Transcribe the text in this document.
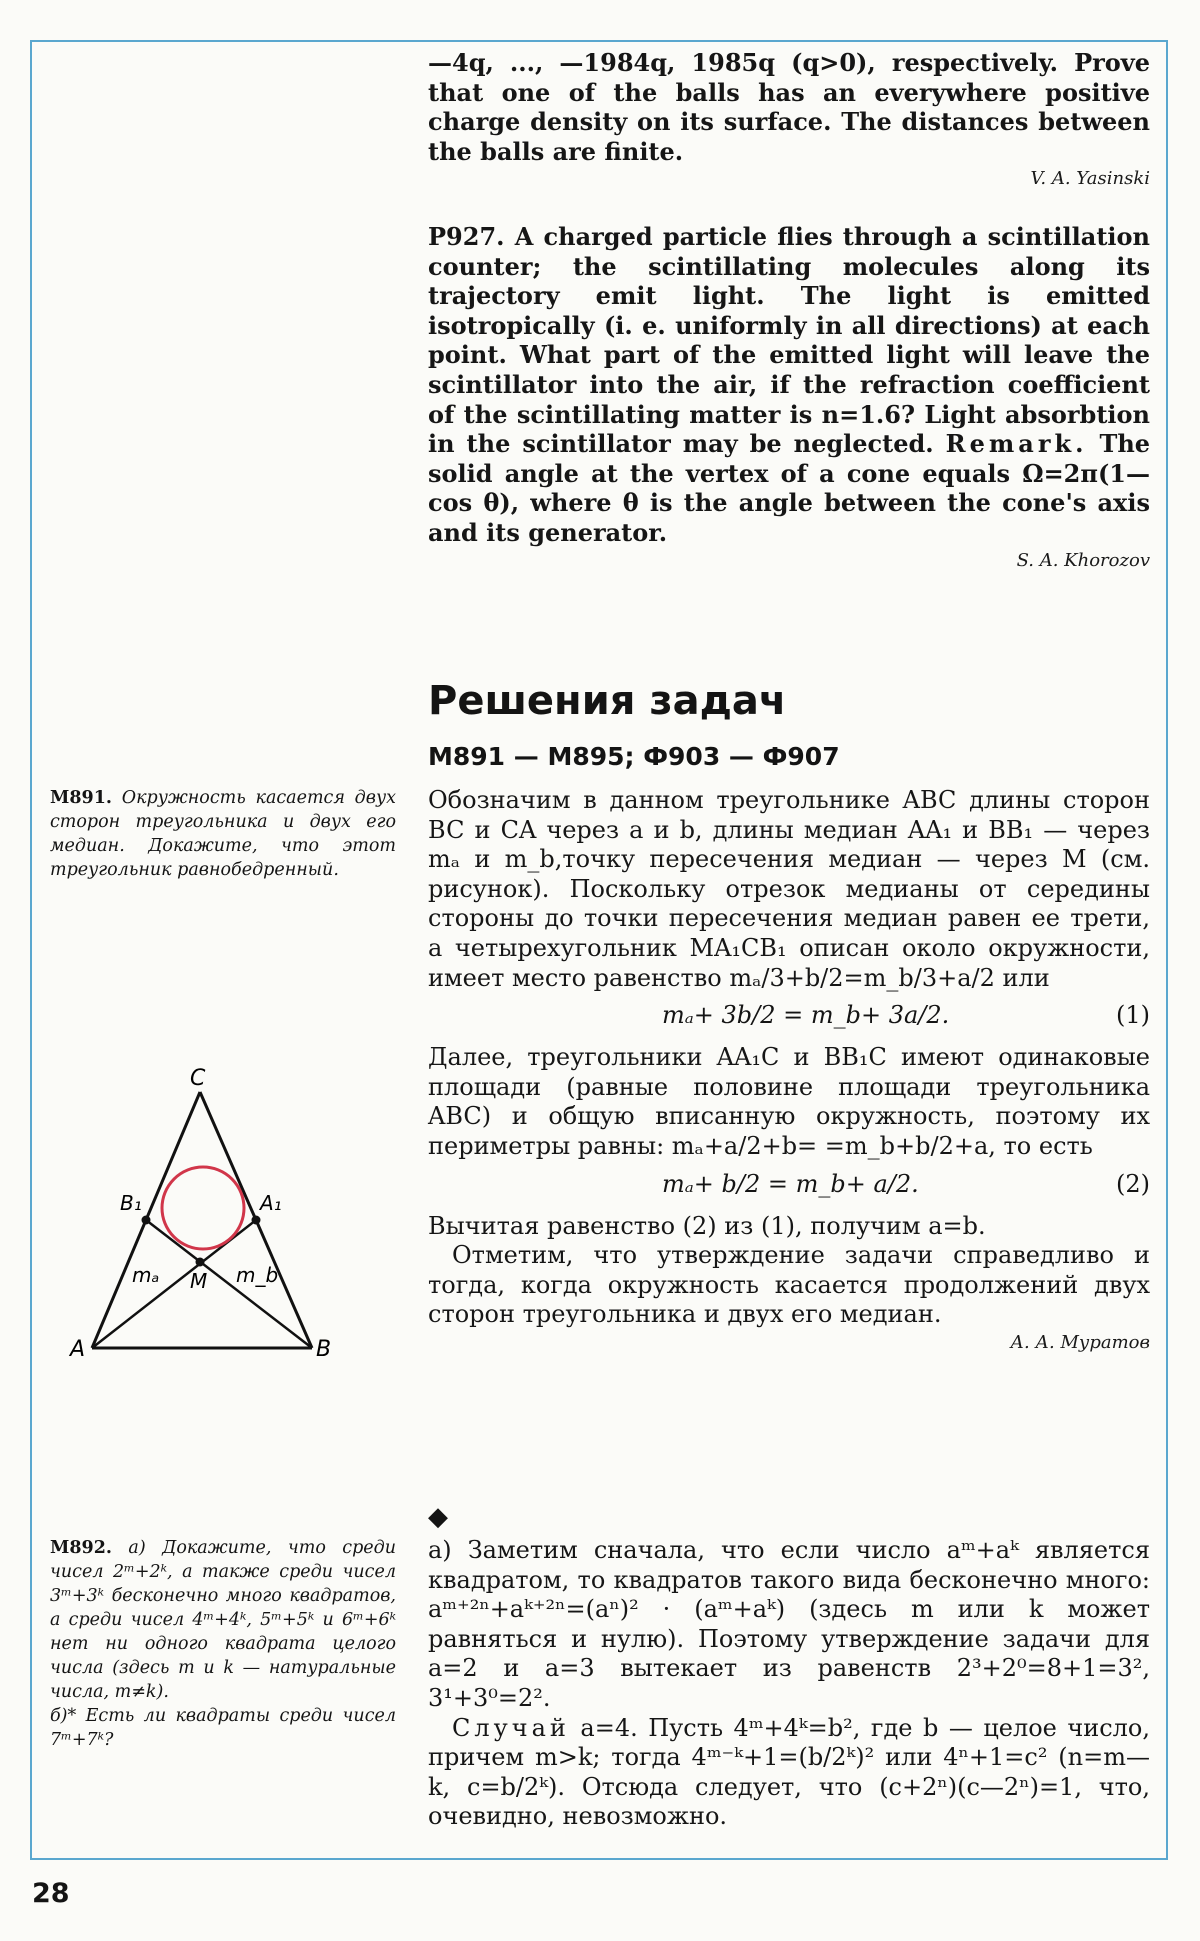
—4q, ..., —1984q, 1985q (q>0), respectively. Prove that one of the balls has an everywhere positive charge density on its surface. The distances between the balls are finite.

V. A. Yasinski

P927. A charged particle flies through a scintillation counter; the scintillating molecules along its trajectory emit light. The light is emitted isotropically (i. e. uniformly in all directions) at each point. What part of the emitted light will leave the scintillator into the air, if the refraction coefficient of the scintillating matter is n=1.6? Light absorbtion in the scintillator may be neglected. Remark. The solid angle at the vertex of a cone equals Ω=2π(1—cos θ), where θ is the angle between the cone's axis and its generator.

S. A. Khorozov

Решения задач

M891 — M895; Ф903 — Ф907

M891. Окружность касается двух сторон треугольника и двух его медиан. Докажите, что этот треугольник равнобедренный.

C
A	B
A₁
B₁
M
mₐ	m_b

Обозначим в данном треугольнике ABC длины сторон BC и CA через a и b, длины медиан AA₁ и BB₁ — через mₐ и m_b,точку пересечения медиан — через M (см. рисунок). Поскольку отрезок медианы от середины стороны до точки пересечения медиан равен ее трети, а четырехугольник MA₁CB₁ описан около окружности, имеет место равенство mₐ/3+b/2=m_b/3+a/2 или

mₐ+ 3b/2 = m_b+ 3a/2.	(1)

Далее, треугольники AA₁C и BB₁C имеют одинаковые площади (равные половине площади треугольника ABC) и общую вписанную окружность, поэтому их периметры равны: mₐ+a/2+b= =m_b+b/2+a, то есть

mₐ+ b/2 = m_b+ a/2.	(2)

Вычитая равенство (2) из (1), получим a=b.

Отметим, что утверждение задачи справедливо и тогда, когда окружность касается продолжений двух сторон треугольника и двух его медиан.

А. А. Муратов

M892. а) Докажите, что среди чисел 2ᵐ+2ᵏ, а также среди чисел 3ᵐ+3ᵏ бесконечно много квадратов, а среди чисел 4ᵐ+4ᵏ, 5ᵐ+5ᵏ и 6ᵐ+6ᵏ нет ни одного квадрата целого числа (здесь m и k — натуральные числа, m≠k).
б)* Есть ли квадраты среди чисел 7ᵐ+7ᵏ?

◆

а) Заметим сначала, что если число aᵐ+aᵏ является квадратом, то квадратов такого вида бесконечно много: aᵐ⁺²ⁿ+aᵏ⁺²ⁿ=(aⁿ)² · (aᵐ+aᵏ) (здесь m или k может равняться и нулю). Поэтому утверждение задачи для a=2 и a=3 вытекает из равенств 2³+2⁰=8+1=3², 3¹+3⁰=2².

Случай a=4. Пусть 4ᵐ+4ᵏ=b², где b — целое число, причем m>k; тогда 4ᵐ⁻ᵏ+1=(b/2ᵏ)² или 4ⁿ+1=c² (n=m—k, c=b/2ᵏ). Отсюда следует, что (c+2ⁿ)(c—2ⁿ)=1, что, очевидно, невозможно.

28
